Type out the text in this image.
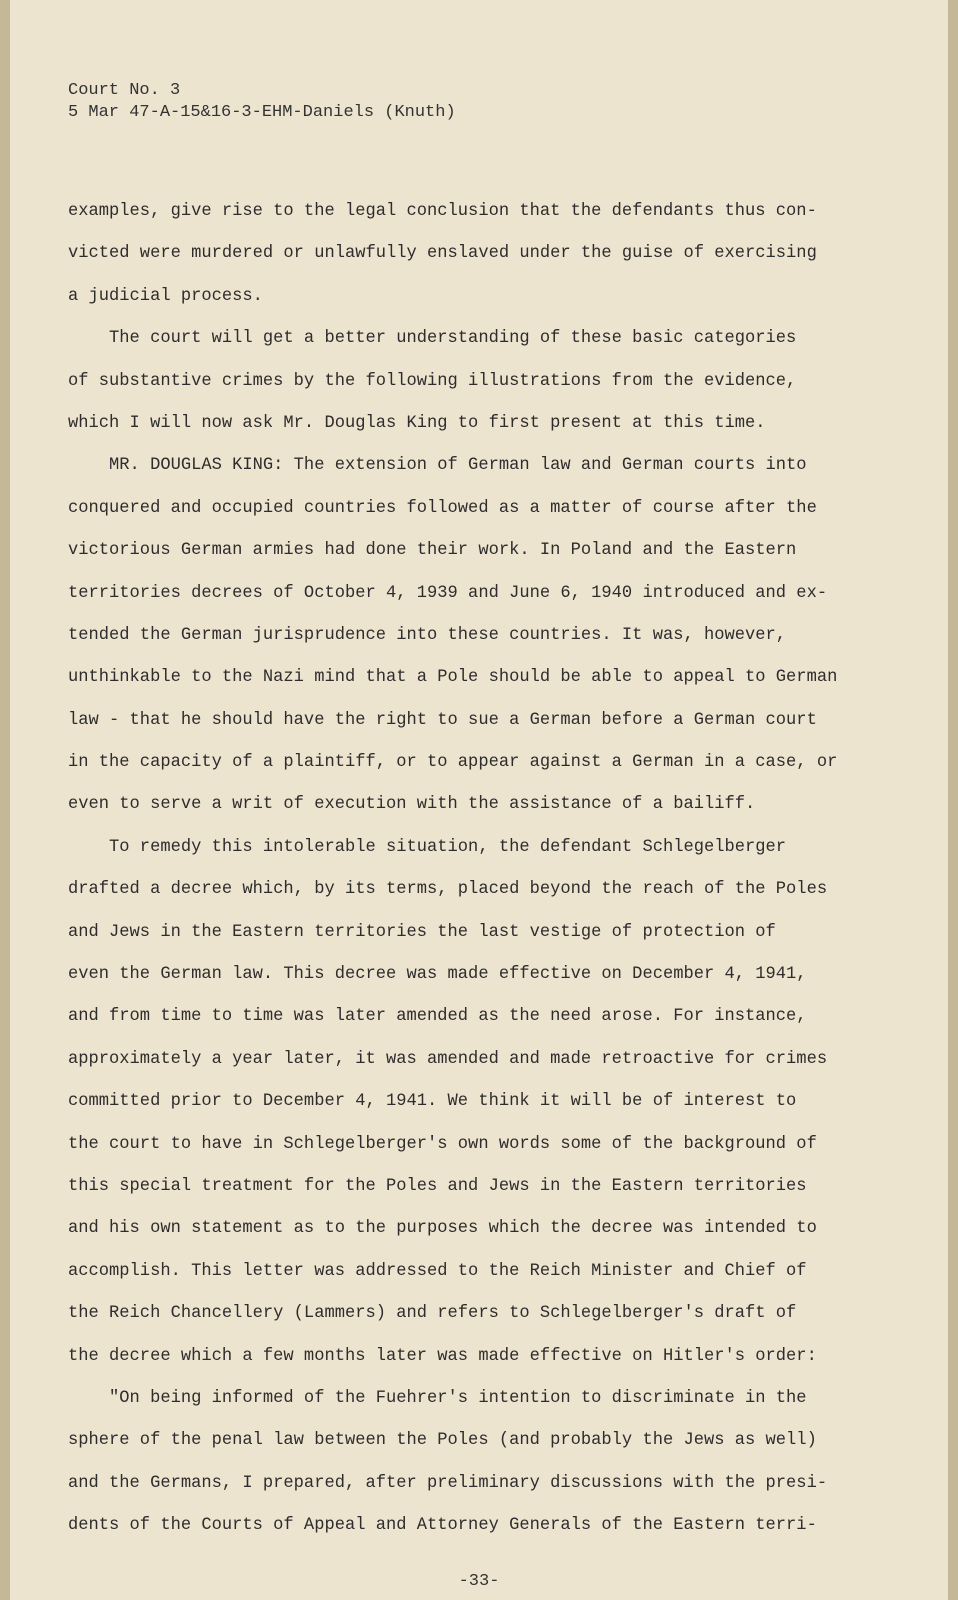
Court No. 3
5 Mar 47-A-15&16-3-EHM-Daniels (Knuth)
examples, give rise to the legal conclusion that the defendants thus con-
victed were murdered or unlawfully enslaved under the guise of exercising
a judicial process.
The court will get a better understanding of these basic categories
of substantive crimes by the following illustrations from the evidence,
which I will now ask Mr. Douglas King to first present at this time.
MR. DOUGLAS KING: The extension of German law and German courts into
conquered and occupied countries followed as a matter of course after the
victorious German armies had done their work. In Poland and the Eastern
territories decrees of October 4, 1939 and June 6, 1940 introduced and ex-
tended the German jurisprudence into these countries. It was, however,
unthinkable to the Nazi mind that a Pole should be able to appeal to German
law - that he should have the right to sue a German before a German court
in the capacity of a plaintiff, or to appear against a German in a case, or
even to serve a writ of execution with the assistance of a bailiff.
To remedy this intolerable situation, the defendant Schlegelberger
drafted a decree which, by its terms, placed beyond the reach of the Poles
and Jews in the Eastern territories the last vestige of protection of
even the German law. This decree was made effective on December 4, 1941,
and from time to time was later amended as the need arose. For instance,
approximately a year later, it was amended and made retroactive for crimes
committed prior to December 4, 1941. We think it will be of interest to
the court to have in Schlegelberger's own words some of the background of
this special treatment for the Poles and Jews in the Eastern territories
and his own statement as to the purposes which the decree was intended to
accomplish. This letter was addressed to the Reich Minister and Chief of
the Reich Chancellery (Lammers) and refers to Schlegelberger's draft of
the decree which a few months later was made effective on Hitler's order:
"On being informed of the Fuehrer's intention to discriminate in the
sphere of the penal law between the Poles (and probably the Jews as well)
and the Germans, I prepared, after preliminary discussions with the presi-
dents of the Courts of Appeal and Attorney Generals of the Eastern terri-
-33-
